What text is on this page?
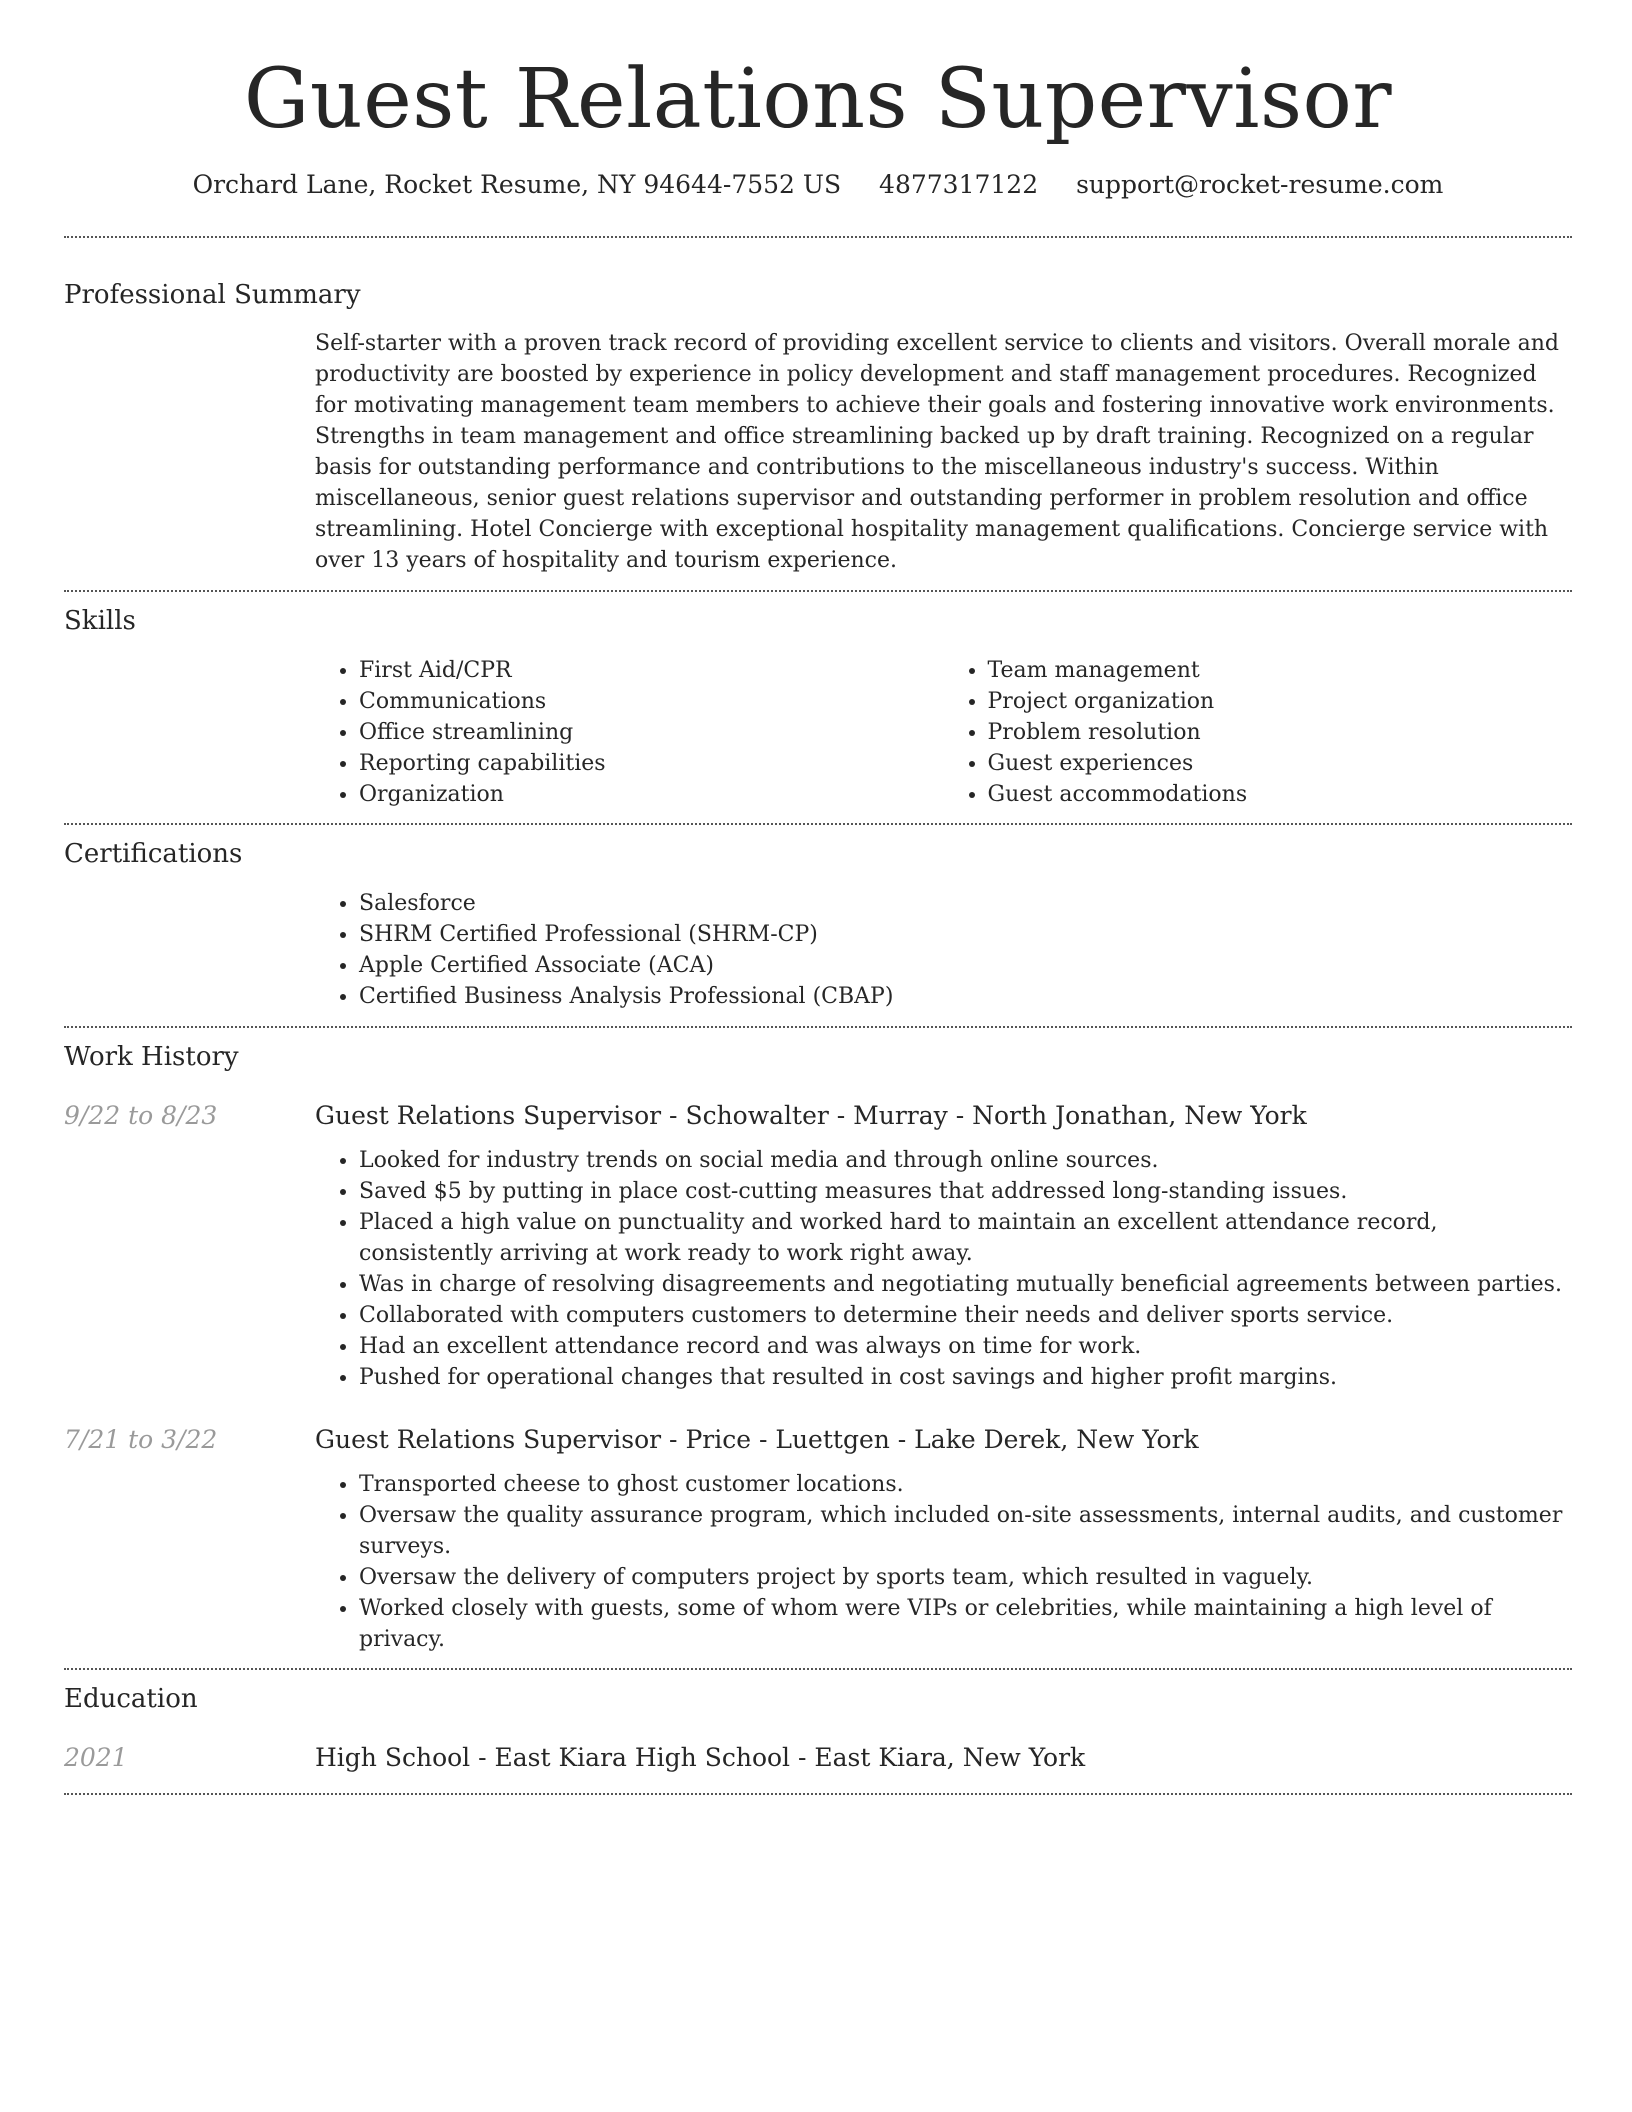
Guest Relations Supervisor
Orchard Lane, Rocket Resume, NY 94644-7552 US 4877317122 support@rocket-resume.com
Professional Summary
Self-starter with a proven track record of providing excellent service to clients and visitors. Overall morale and productivity are boosted by experience in policy development and staff management procedures. Recognized for motivating management team members to achieve their goals and fostering innovative work environments. Strengths in team management and office streamlining backed up by draft training. Recognized on a regular basis for outstanding performance and contributions to the miscellaneous industry's success. Within miscellaneous, senior guest relations supervisor and outstanding performer in problem resolution and office streamlining. Hotel Concierge with exceptional hospitality management qualifications. Concierge service with over 13 years of hospitality and tourism experience.
Skills
• First Aid/CPR
• Communications
• Office streamlining
• Reporting capabilities
• Organization
• Team management
• Project organization
• Problem resolution
• Guest experiences
• Guest accommodations
Certifications
• Salesforce
• SHRM Certified Professional (SHRM-CP)
• Apple Certified Associate (ACA)
• Certified Business Analysis Professional (CBAP)
Work History
9/22 to 8/23	Guest Relations Supervisor - Schowalter - Murray - North Jonathan, New York
• Looked for industry trends on social media and through online sources.
• Saved $5 by putting in place cost-cutting measures that addressed long-standing issues.
• Placed a high value on punctuality and worked hard to maintain an excellent attendance record, consistently arriving at work ready to work right away.
• Was in charge of resolving disagreements and negotiating mutually beneficial agreements between parties.
• Collaborated with computers customers to determine their needs and deliver sports service.
• Had an excellent attendance record and was always on time for work.
• Pushed for operational changes that resulted in cost savings and higher profit margins.
7/21 to 3/22	Guest Relations Supervisor - Price - Luettgen - Lake Derek, New York
• Transported cheese to ghost customer locations.
• Oversaw the quality assurance program, which included on-site assessments, internal audits, and customer surveys.
• Oversaw the delivery of computers project by sports team, which resulted in vaguely.
• Worked closely with guests, some of whom were VIPs or celebrities, while maintaining a high level of privacy.
Education
2021	High School - East Kiara High School - East Kiara, New York
